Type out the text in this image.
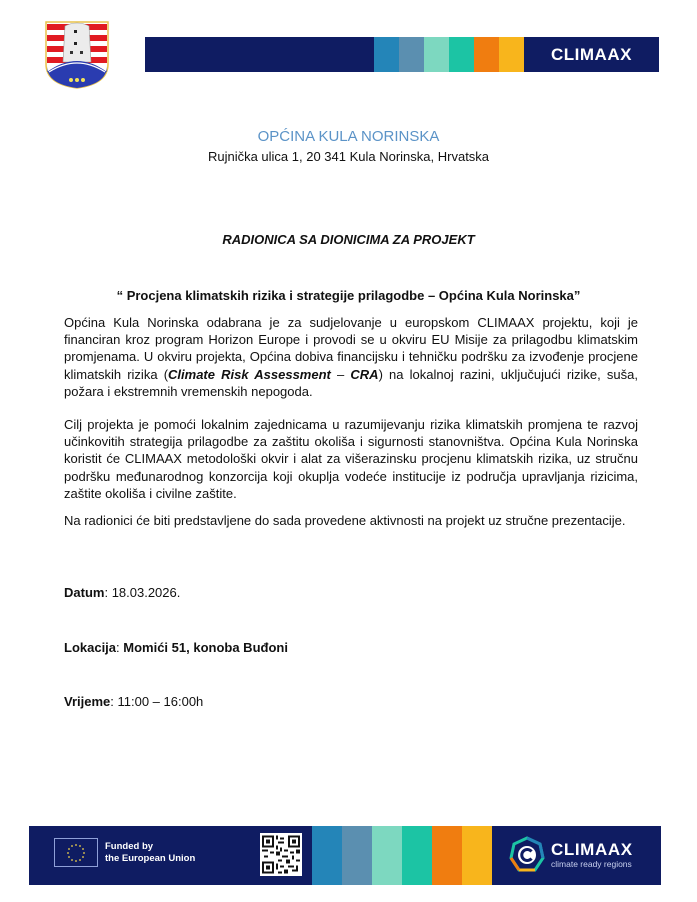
CLIMAAX
OPĆINA KULA NORINSKA
Rujnička ulica 1, 20 341 Kula Norinska, Hrvatska
RADIONICA SA DIONICIMA ZA PROJEKT
“ Procjena klimatskih rizika i strategije prilagodbe – Općina Kula Norinska”
Općina Kula Norinska odabrana je za sudjelovanje u europskom CLIMAAX projektu, koji je financiran kroz program Horizon Europe i provodi se u okviru EU Misije za prilagodbu klimatskim promjenama. U okviru projekta, Općina dobiva financijsku i tehničku podršku za izvođenje procjene klimatskih rizika (Climate Risk Assessment – CRA) na lokalnoj razini, uključujući rizike, suša, požara i ekstremnih vremenskih nepogoda.
Cilj projekta je pomoći lokalnim zajednicama u razumijevanju rizika klimatskih promjena te razvoj učinkovitih strategija prilagodbe za zaštitu okoliša i sigurnosti stanovništva. Općina Kula Norinska koristit će CLIMAAX metodološki okvir i alat za višerazinsku procjenu klimatskih rizika, uz stručnu podršku međunarodnog konzorcija koji okuplja vodeće institucije iz područja upravljanja rizicima, zaštite okoliša i civilne zaštite.
Na radionici će biti predstavljene do sada provedene aktivnosti na projekt uz stručne prezentacije.
Datum: 18.03.2026.
Lokacija: Momići 51, konoba Buđoni
Vrijeme: 11:00 – 16:00h
Funded by
the European Union	CLIMAAX
climate ready regions
